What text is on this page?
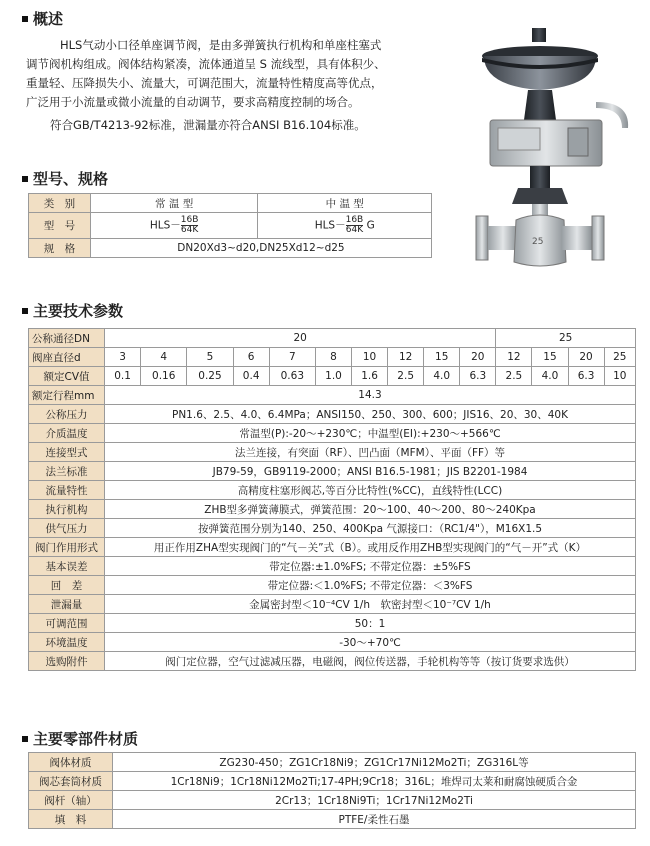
概述
HLS气动小口径单座调节阀，是由多弹簧执行机构和单座柱塞式
调节阀机构组成。阀体结构紧凑，流体通道呈 S 流线型，具有体积少、
重量轻、压降损失小、流量大，可调范围大，流量特性精度高等优点，
广泛用于小流量或微小流量的自动调节，要求高精度控制的场合。
符合GB/T4213-92标准，泄漏量亦符合ANSI B16.104标准。
25
型号、规格
类　别	常 温 型	中 温 型
型　号	$HLS- \frac{16B}{64K}$	$HLS- \frac{16B}{64K}$ G
规　格	DN20Xd3~d20,DN25Xd12~d25	
主要技术参数
公称通径DN	20										25			
阀座直径d	3	4	5	6	7	8	10	12	15	20	12	15	20	25
额定CV值	0.1	0.16	0.25	0.4	0.63	1.0	1.6	2.5	4.0	6.3	2.5	4.0	6.3	10
额定行程mm	14.3													
公称压力	PN1.6、2.5、4.0、6.4MPa；ANSI150、250、300、600；JIS16、20、30、40K													
介质温度	常温型(P):-20～+230℃；中温型(EⅠ):+230～+566℃													
连接型式	法兰连接，有突面（RF）、凹凸面（MFM）、平面（FF）等													
法兰标准	JB79-59，GB9119-2000；ANSI B16.5-1981；JIS B2201-1984													
流量特性	高精度柱塞形阀芯,等百分比特性(%CC)，直线特性(LCC)													
执行机构	ZHB型多弹簧薄膜式，弹簧范围：20～100、40～200、80～240Kpa													
供气压力	按弹簧范围分别为140、250、400Kpa 气源接口：（RC1/4"），M16X1.5													
阀门作用形式	用正作用ZHA型实现阀门的“气－关”式（B）。或用反作用ZHB型实现阀门的“气－开”式（K）													
基本误差	带定位器:±1.0%FS; 不带定位器：±5%FS													
回　差	带定位器:＜1.0%FS; 不带定位器：＜3%FS													
泄漏量	金属密封型＜10⁻⁴CV 1/h　软密封型＜10⁻⁷CV 1/h													
可调范围	50：1													
环境温度	-30～+70℃													
选购附件	阀门定位器，空气过滤减压器，电磁阀，阀位传送器，手轮机构等等（按订货要求选供）													
主要零部件材质
阀体材质	ZG230-450；ZG1Cr18Ni9；ZG1Cr17Ni12Mo2Ti；ZG316L等
阀芯套筒材质	1Cr18Ni9；1Cr18Ni12Mo2Ti;17-4PH;9Cr18；316L；堆焊司太莱和耐腐蚀硬质合金
阀杆（轴）	2Cr13；1Cr18Ni9Ti；1Cr17Ni12Mo2Ti
填　料	PTFE/柔性石墨
